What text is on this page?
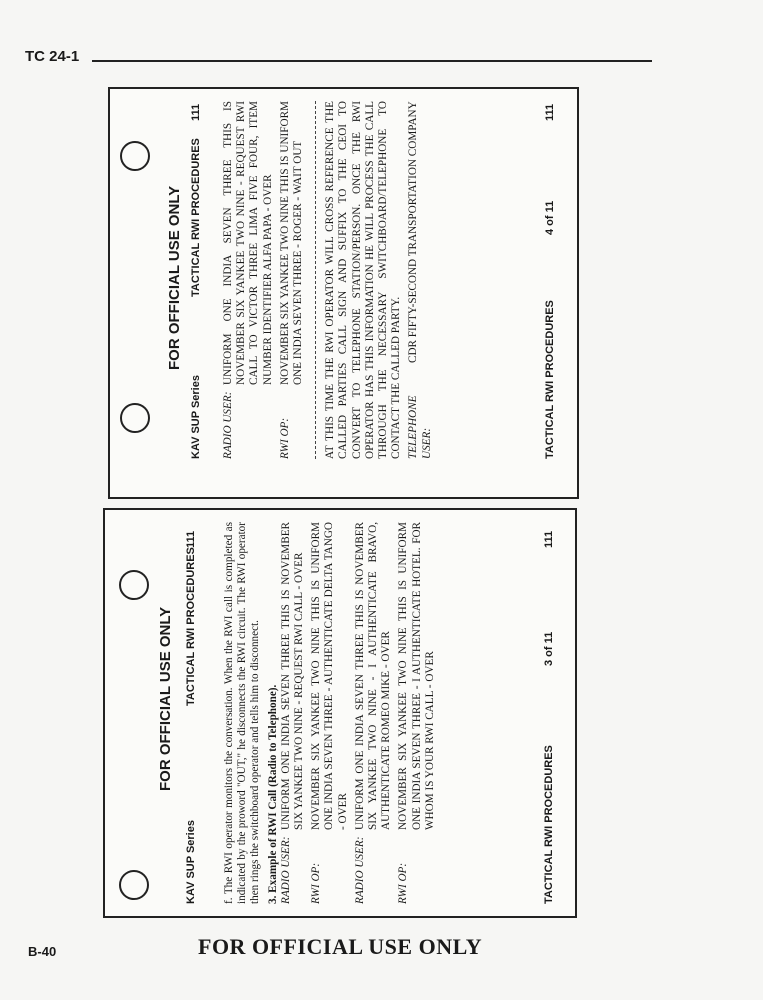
TC 24-1
FOR OFFICIAL USE ONLY
KAV SUP Series
TACTICAL RWI PROCEDURES
111 f. The RWI operator monitors the conversation. When the RWI call is completed as indicated by the proword "OUT," he disconnects the RWI circuit. The RWI operator then rings the switchboard operator and tells him to disconnect. 3. Example of RWI Call (Radio to Telephone). RADIO USER:
UNIFORM ONE INDIA SEVEN THREE THIS IS NOVEMBER SIX YANKEE TWO NINE - REQUEST RWI CALL - OVER
RWI OP:
NOVEMBER SIX YANKEE TWO NINE THIS IS UNIFORM ONE INDIA SEVEN THREE - AUTHENTICATE DELTA TANGO - OVER
RADIO USER:
UNIFORM ONE INDIA SEVEN THREE THIS IS NOVEMBER SIX YANKEE TWO NINE - I AUTHENTICATE BRAVO, AUTHENTICATE ROMEO MIKE - OVER
RWI OP:
NOVEMBER SIX YANKEE TWO NINE THIS IS UNIFORM ONE INDIA SEVEN THREE - I AUTHENTICATE HOTEL. FOR WHOM IS YOUR RWI CALL - OVER	TACTICAL RWI PROCEDURES
3 of 11
111
FOR OFFICIAL USE ONLY
KAV SUP Series
TACTICAL RWI PROCEDURES
111
RADIO USER:
UNIFORM ONE INDIA SEVEN THREE THIS IS NOVEMBER SIX YANKEE TWO NINE - REQUEST RWI CALL TO VICTOR THREE LIMA FIVE FOUR, ITEM NUMBER IDENTIFIER ALFA PAPA - OVER
RWI OP:
NOVEMBER SIX YANKEE TWO NINE THIS IS UNIFORM ONE INDIA SEVEN THREE - ROGER - WAIT OUT AT THIS TIME THE RWI OPERATOR WILL CROSS REFERENCE THE CALLED PARTIES CALL SIGN AND SUFFIX TO THE CEOI TO CONVERT TO TELEPHONE STATION/PERSON. ONCE THE RWI OPERATOR HAS THIS INFORMATION HE WILL PROCESS THE CALL THROUGH THE NECESSARY SWITCHBOARD/TELEPHONE TO CONTACT THE CALLED PARTY. TELEPHONE USER:
CDR FIFTY-SECOND TRANSPORTATION COMPANY
TACTICAL RWI PROCEDURES
4 of 11
111
B-40	FOR OFFICIAL USE ONLY
